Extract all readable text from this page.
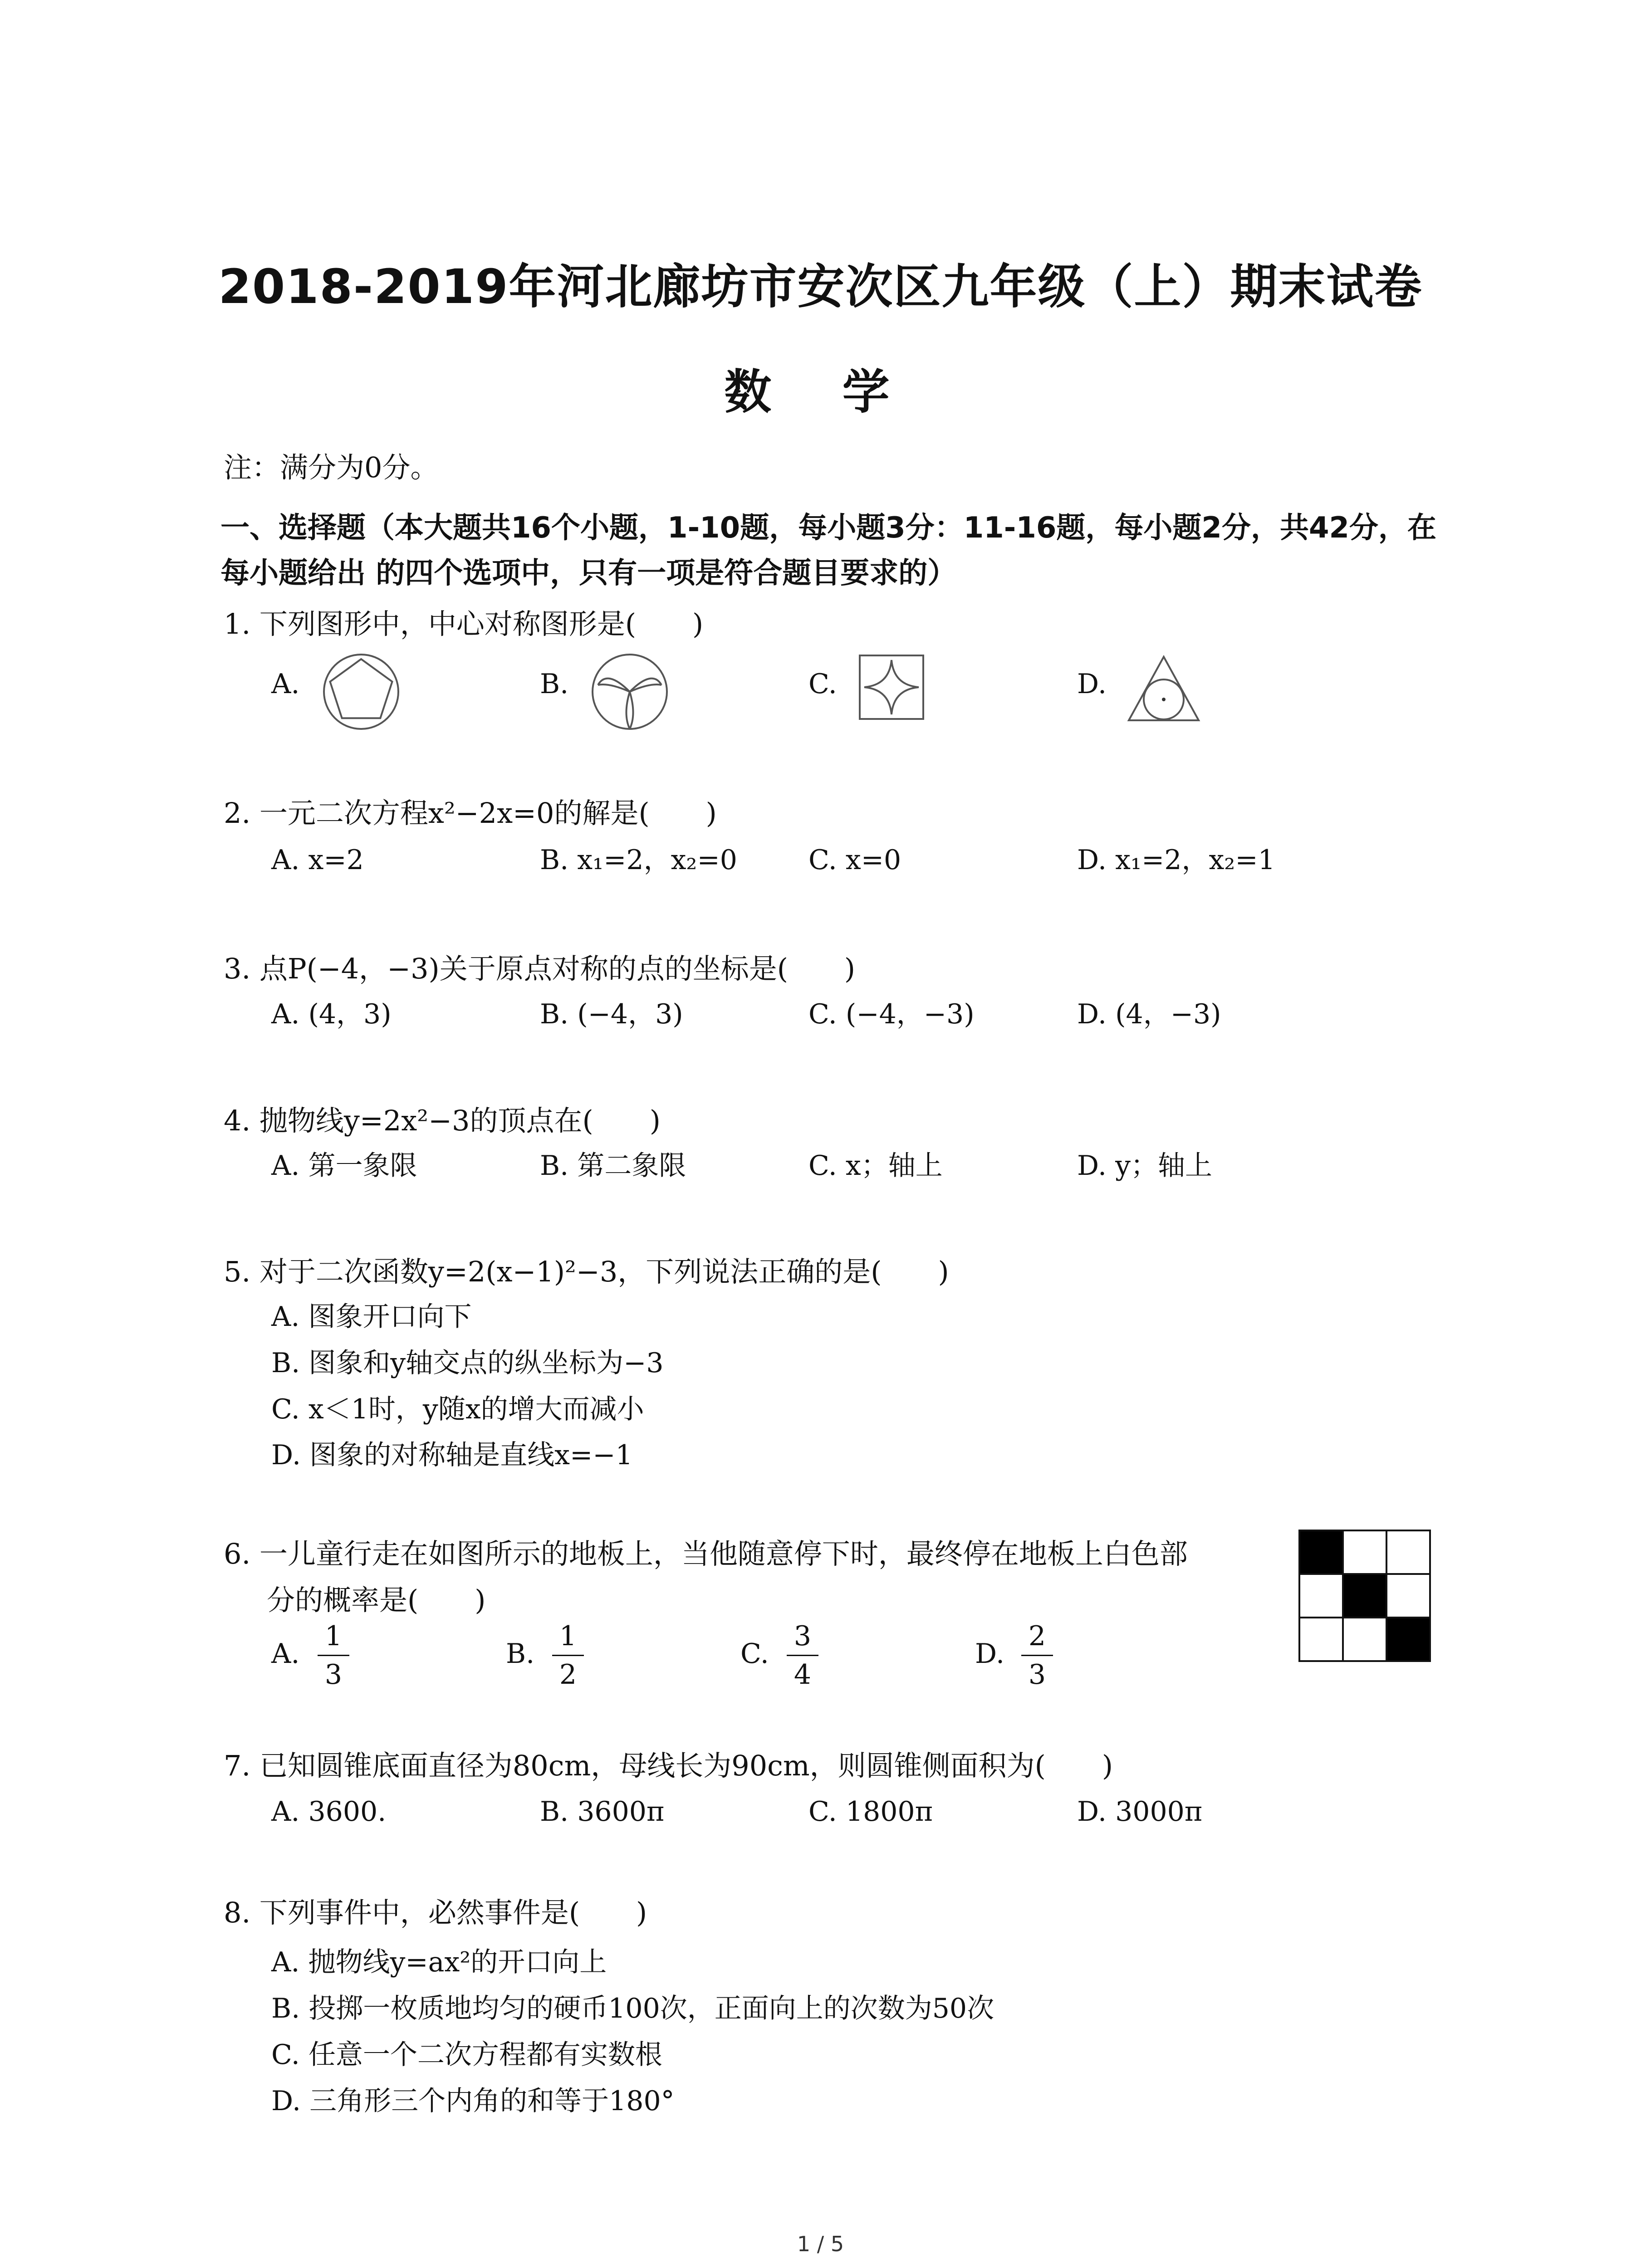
2018-2019年河北廊坊市安次区九年级（上）期末试卷
数 学
注：满分为0分。
一、选择题（本大题共16个小题，1-10题，每小题3分：11-16题，每小题2分，共42分，在
每小题给出 的四个选项中，只有一项是符合题目要求的）
1. 下列图形中，中心对称图形是(　　)
A.	B.	C.	D.
2. 一元二次方程x²−2x=0的解是(　　)
A. x=2	B. x₁=2，x₂=0	C. x=0	D. x₁=2，x₂=1
3. 点P(−4，−3)关于原点对称的点的坐标是(　　)
A. (4，3)	B. (−4，3)	C. (−4，−3)	D. (4，−3)
4. 抛物线y=2x²−3的顶点在(　　)
A. 第一象限	B. 第二象限	C. x；轴上	D. y；轴上
5. 对于二次函数y=2(x−1)²−3，下列说法正确的是(　　)
A. 图象开口向下
B. 图象和y轴交点的纵坐标为−3
C. x＜1时，y随x的增大而减小
D. 图象的对称轴是直线x=−1
6. 一儿童行走在如图所示的地板上，当他随意停下时，最终停在地板上白色部
分的概率是(　　)
A.
1
3
B.
1
2
C.
3
4
D.
2
3
7. 已知圆锥底面直径为80cm，母线长为90cm，则圆锥侧面积为(　　)
A. 3600.	B. 3600π	C. 1800π	D. 3000π
8. 下列事件中，必然事件是(　　)
A. 抛物线y=ax²的开口向上
B. 投掷一枚质地均匀的硬币100次，正面向上的次数为50次
C. 任意一个二次方程都有实数根
D. 三角形三个内角的和等于180°
1 / 5
